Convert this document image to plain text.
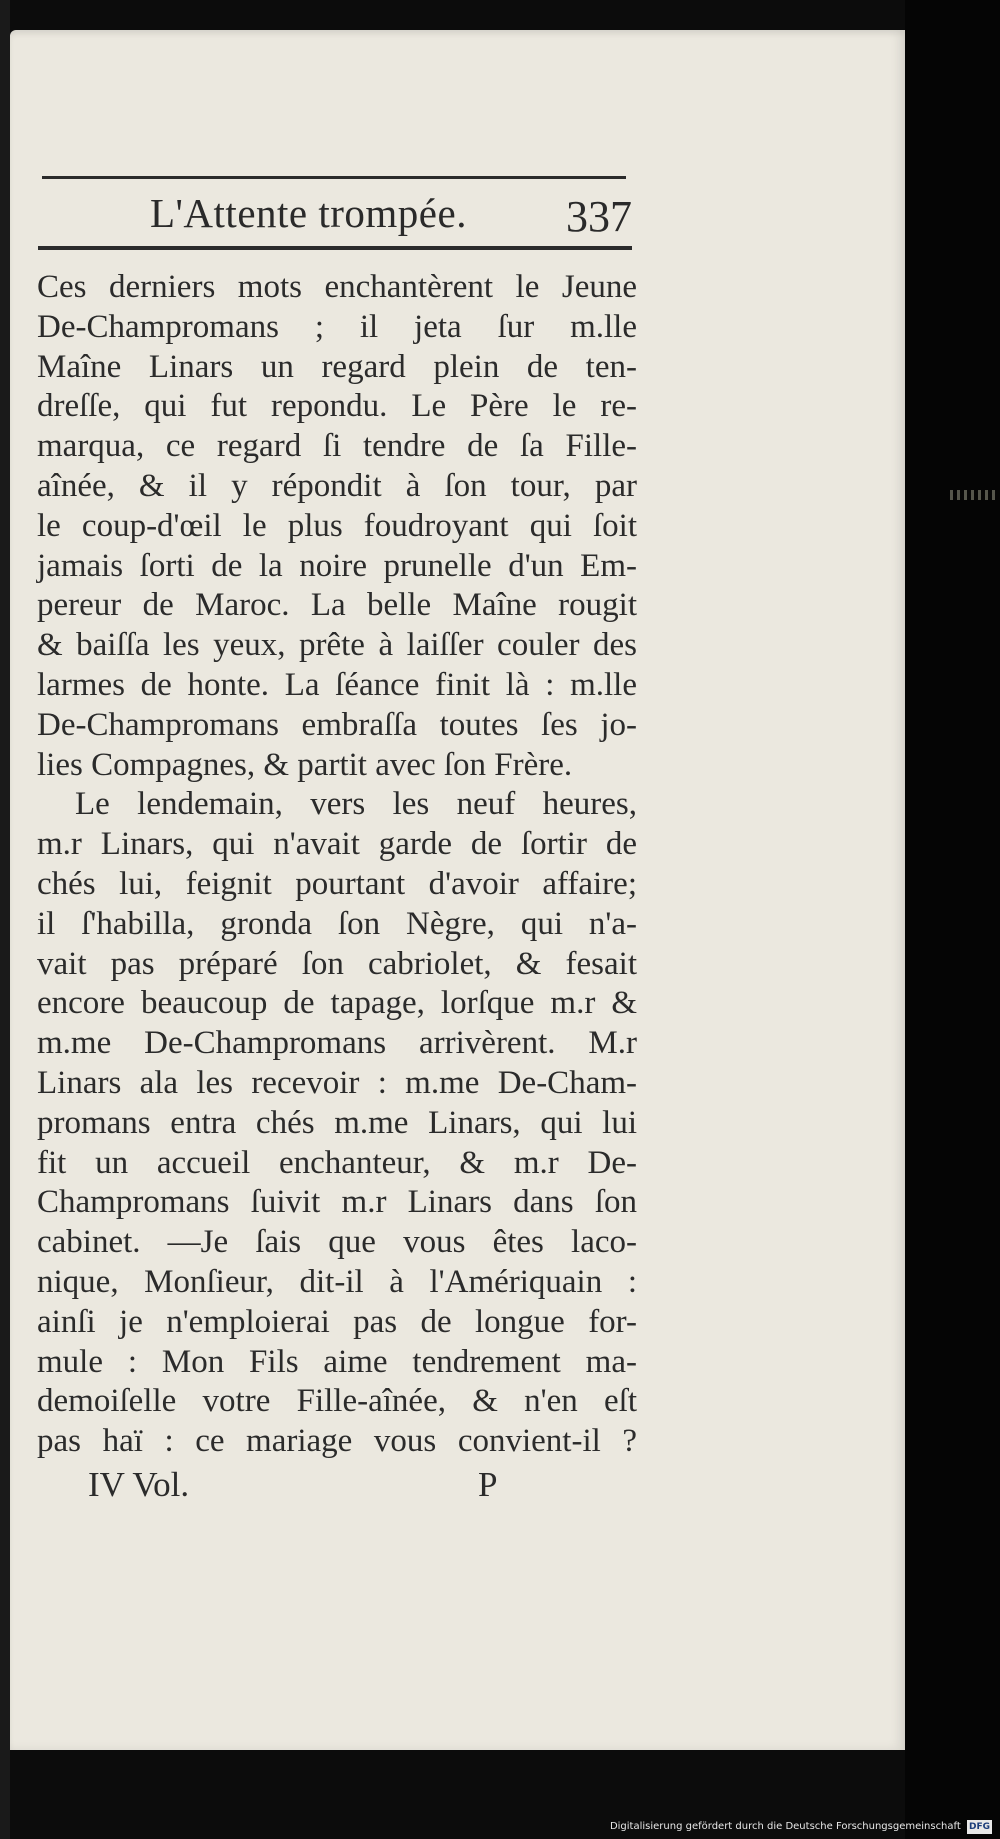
L'Attente trompée.	337
Ces derniers mots enchantèrent le Jeune
De-Champromans ; il jeta ſur m.lle
Maîne Linars un regard plein de ten-
dreſſe, qui fut repondu. Le Père le re-
marqua, ce regard ſi tendre de ſa Fille-
aînée, & il y répondit à ſon tour, par
le coup-d'œil le plus foudroyant qui ſoit
jamais ſorti de la noire prunelle d'un Em-
pereur de Maroc. La belle Maîne rougit
& baiſſa les yeux, prête à laiſſer couler des
larmes de honte. La ſéance finit là : m.lle
De-Champromans embraſſa toutes ſes jo-
lies Compagnes, & partit avec ſon Frère.
Le lendemain, vers les neuf heures,
m.r Linars, qui n'avait garde de ſortir de
chés lui, feignit pourtant d'avoir affaire;
il ſ'habilla, gronda ſon Nègre, qui n'a-
vait pas préparé ſon cabriolet, & fesait
encore beaucoup de tapage, lorſque m.r &
m.me De-Champromans arrivèrent. M.r
Linars ala les recevoir : m.me De-Cham-
promans entra chés m.me Linars, qui lui
fit un accueil enchanteur, & m.r De-
Champromans ſuivit m.r Linars dans ſon
cabinet. —Je ſais que vous êtes laco-
nique, Monſieur, dit-il à l'Amériquain :
ainſi je n'emploierai pas de longue for-
mule : Mon Fils aime tendrement ma-
demoiſelle votre Fille-aînée, & n'en eſt
pas haï : ce mariage vous convient-il ?
IV Vol.	P
Digitalisierung gefördert durch die Deutsche Forschungsgemeinschaft DFG
